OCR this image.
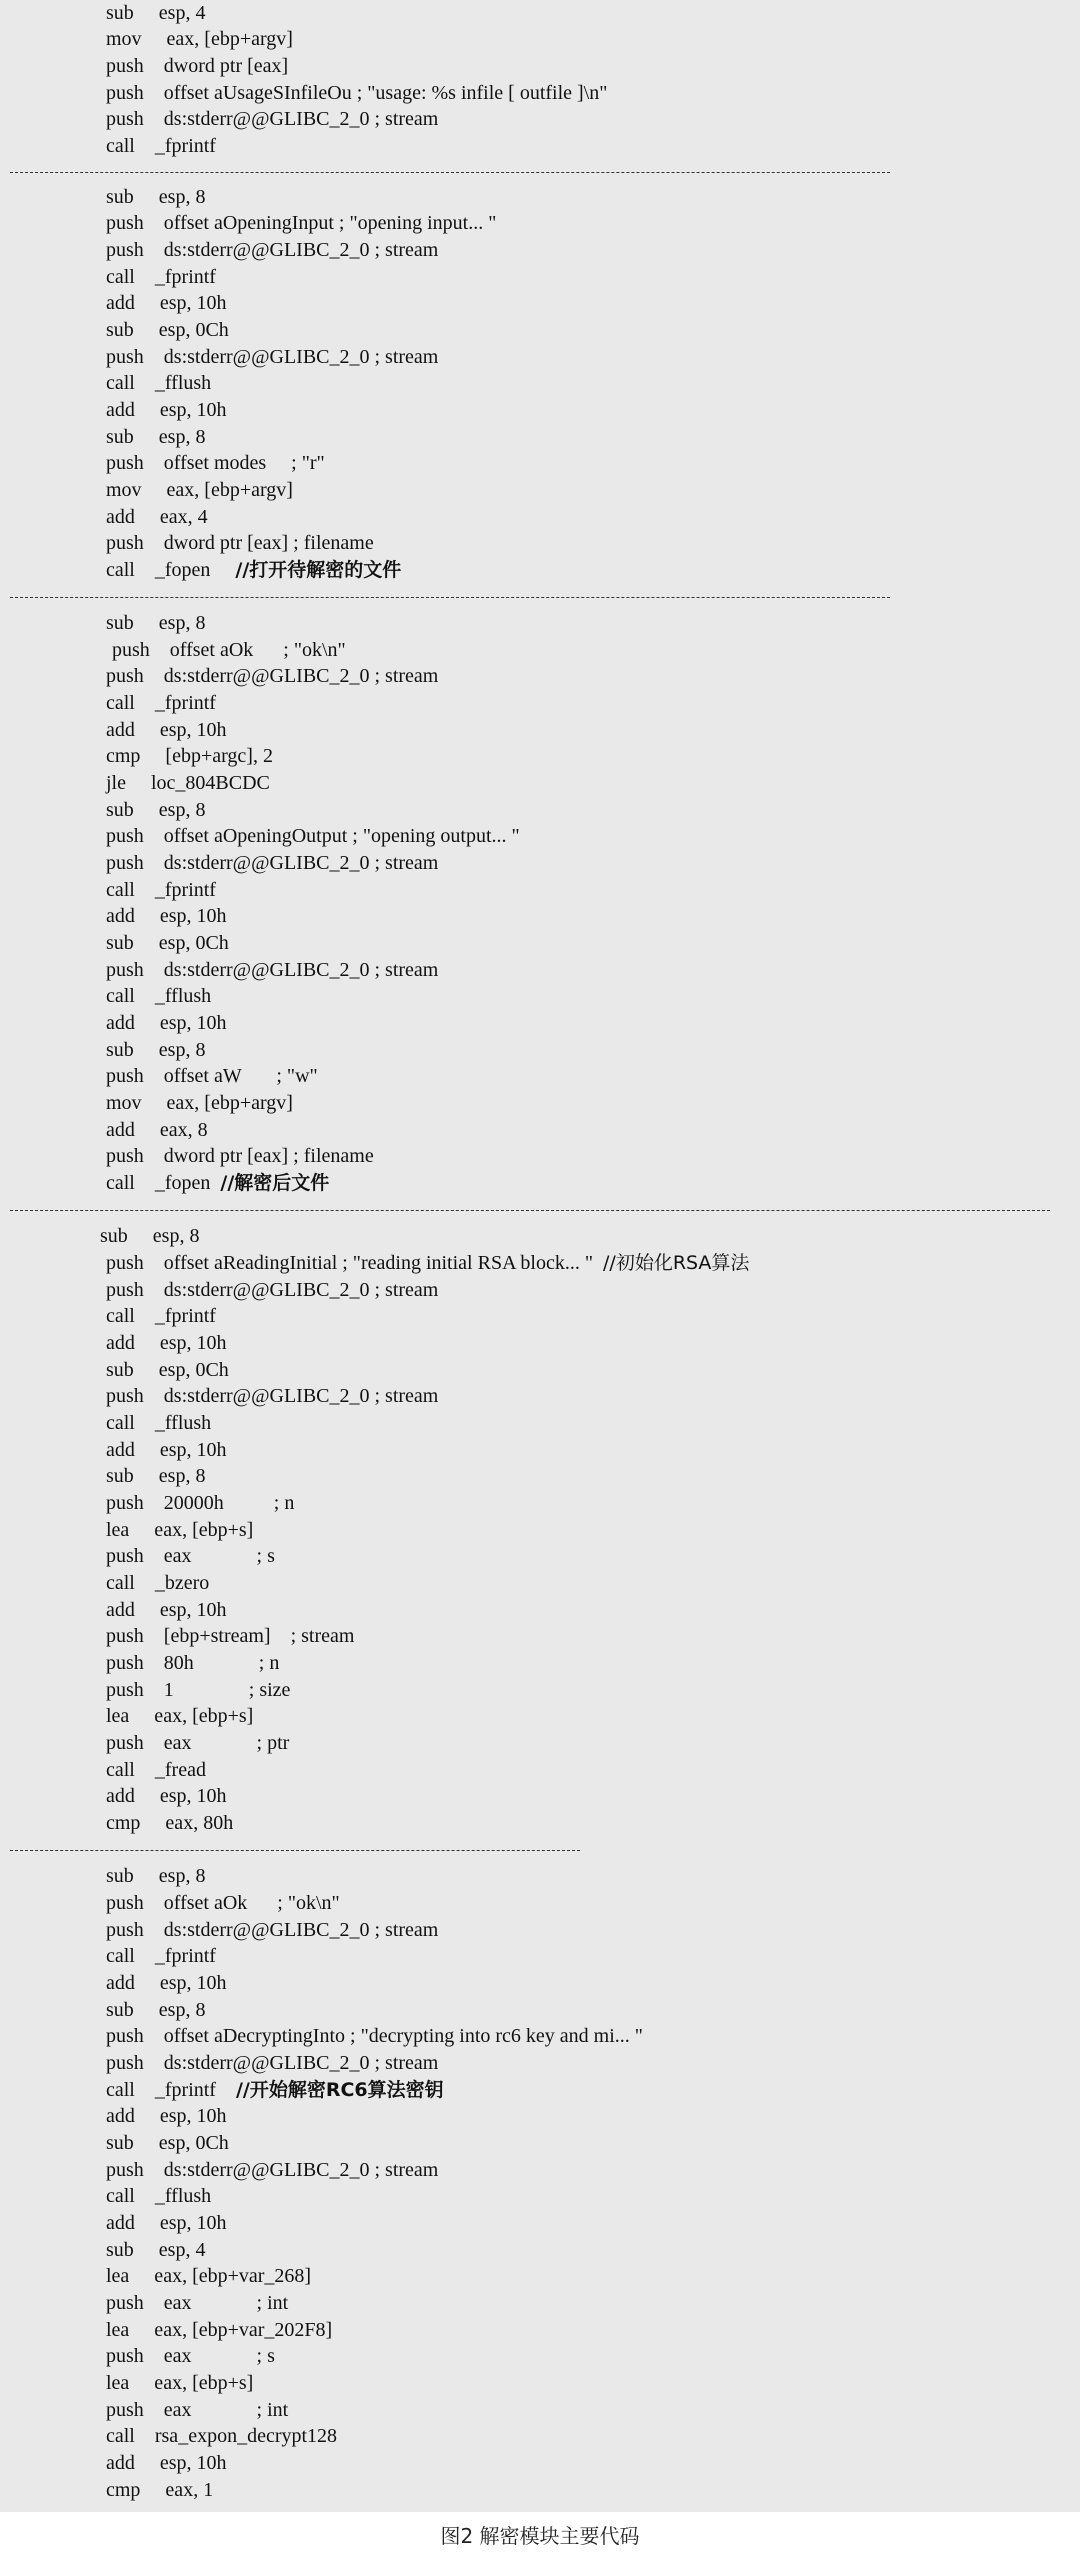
sub     esp, 4
mov     eax, [ebp+argv]
push    dword ptr [eax]
push    offset aUsageSInfileOu ; "usage: %s infile [ outfile ]\n"
push    ds:stderr@@GLIBC_2_0 ; stream
call    _fprintf
sub     esp, 8
push    offset aOpeningInput ; "opening input... "
push    ds:stderr@@GLIBC_2_0 ; stream
call    _fprintf
add     esp, 10h
sub     esp, 0Ch
push    ds:stderr@@GLIBC_2_0 ; stream
call    _fflush
add     esp, 10h
sub     esp, 8
push    offset modes     ; "r"
mov     eax, [ebp+argv]
add     eax, 4
push    dword ptr [eax] ; filename
call    _fopen //打开待解密的文件
sub     esp, 8
push    offset aOk      ; "ok\n"
push    ds:stderr@@GLIBC_2_0 ; stream
call    _fprintf
add     esp, 10h
cmp     [ebp+argc], 2
jle     loc_804BCDC
sub     esp, 8
push    offset aOpeningOutput ; "opening output... "
push    ds:stderr@@GLIBC_2_0 ; stream
call    _fprintf
add     esp, 10h
sub     esp, 0Ch
push    ds:stderr@@GLIBC_2_0 ; stream
call    _fflush
add     esp, 10h
sub     esp, 8
push    offset aW       ; "w"
mov     eax, [ebp+argv]
add     eax, 8
push    dword ptr [eax] ; filename
call    _fopen //解密后文件
sub     esp, 8
push    offset aReadingInitial ; "reading initial RSA block... " //初始化RSA算法
push    ds:stderr@@GLIBC_2_0 ; stream
call    _fprintf
add     esp, 10h
sub     esp, 0Ch
push    ds:stderr@@GLIBC_2_0 ; stream
call    _fflush
add     esp, 10h
sub     esp, 8
push    20000h          ; n
lea     eax, [ebp+s]
push    eax             ; s
call    _bzero
add     esp, 10h
push    [ebp+stream]    ; stream
push    80h             ; n
push    1               ; size
lea     eax, [ebp+s]
push    eax             ; ptr
call    _fread
add     esp, 10h
cmp     eax, 80h
sub     esp, 8
push    offset aOk      ; "ok\n"
push    ds:stderr@@GLIBC_2_0 ; stream
call    _fprintf
add     esp, 10h
sub     esp, 8
push    offset aDecryptingInto ; "decrypting into rc6 key and mi... "
push    ds:stderr@@GLIBC_2_0 ; stream
call    _fprintf //开始解密RC6算法密钥
add     esp, 10h
sub     esp, 0Ch
push    ds:stderr@@GLIBC_2_0 ; stream
call    _fflush
add     esp, 10h
sub     esp, 4
lea     eax, [ebp+var_268]
push    eax             ; int
lea     eax, [ebp+var_202F8]
push    eax             ; s
lea     eax, [ebp+s]
push    eax             ; int
call    rsa_expon_decrypt128
add     esp, 10h
cmp     eax, 1
图2 解密模块主要代码
